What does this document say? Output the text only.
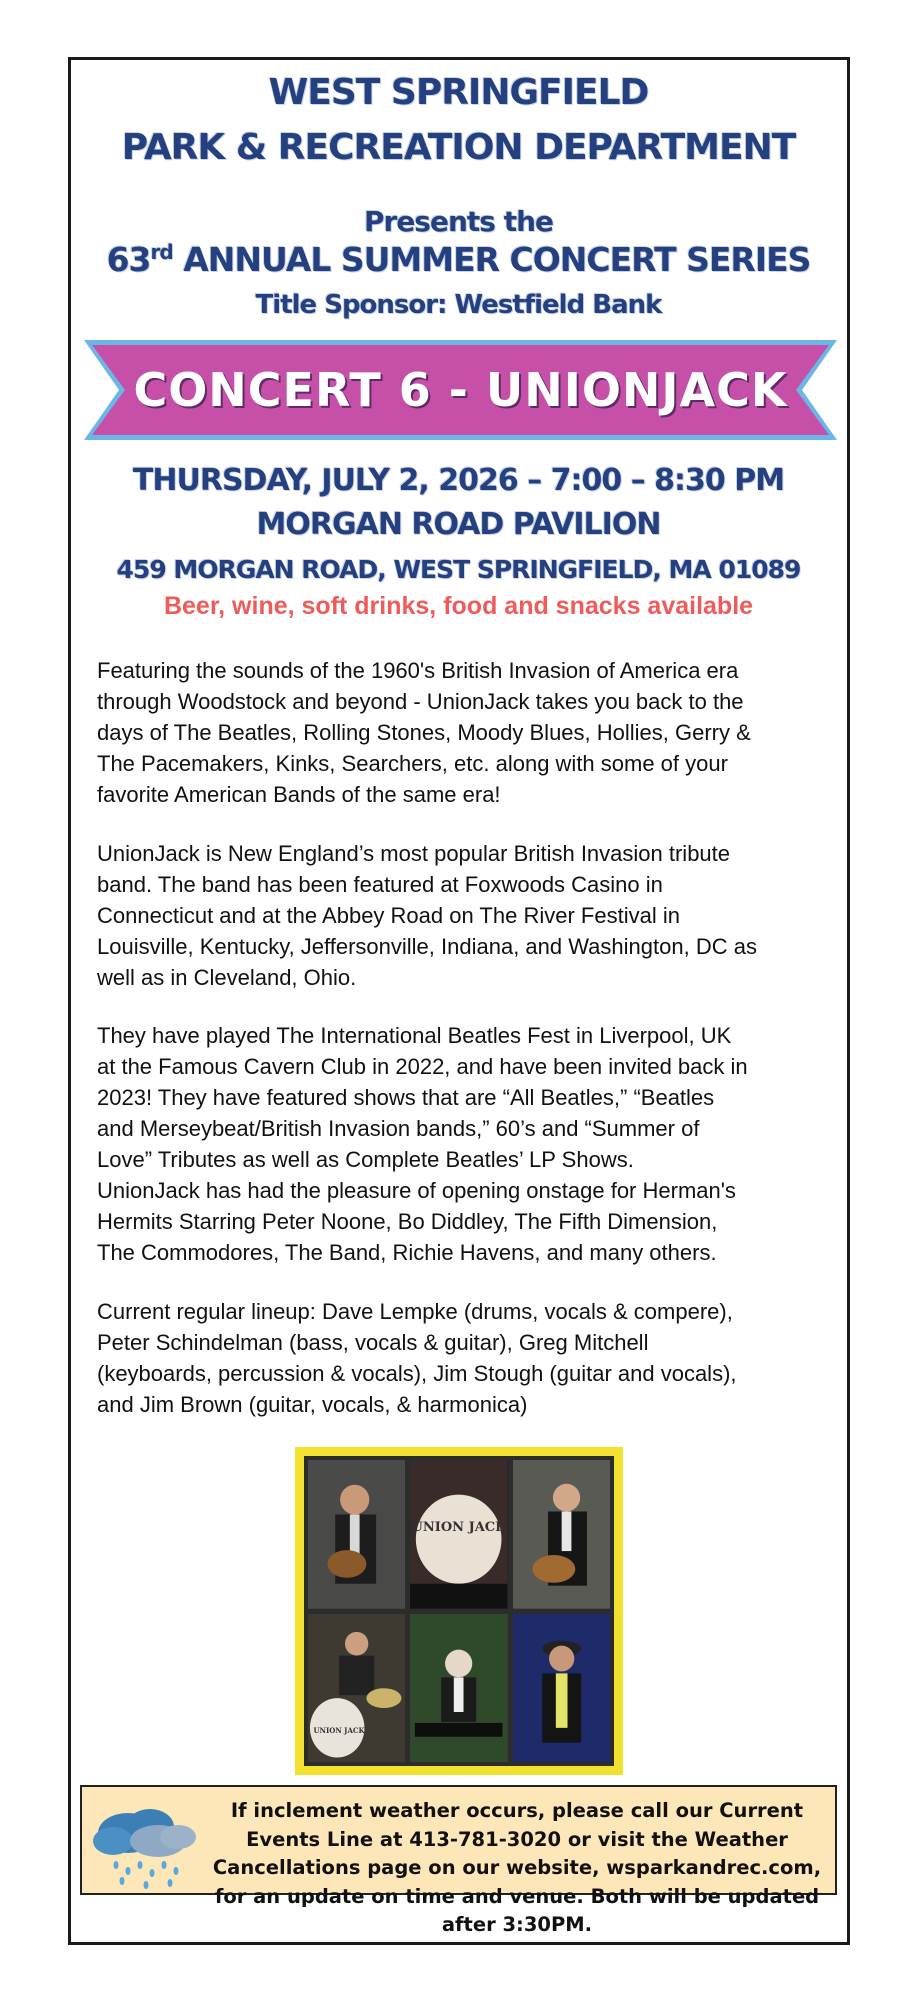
WEST SPRINGFIELD
PARK & RECREATION DEPARTMENT
Presents the
63rd ANNUAL SUMMER CONCERT SERIES
Title Sponsor: Westfield Bank
CONCERT 6 - UNIONJACK
THURSDAY, JULY 2, 2026 – 7:00 – 8:30 PM
MORGAN ROAD PAVILION
459 MORGAN ROAD, WEST SPRINGFIELD, MA 01089
Beer, wine, soft drinks, food and snacks available
Featuring the sounds of the 1960's British Invasion of America era
through Woodstock and beyond - UnionJack takes you back to the
days of The Beatles, Rolling Stones, Moody Blues, Hollies, Gerry &
The Pacemakers, Kinks, Searchers, etc. along with some of your
favorite American Bands of the same era!
UnionJack is New England’s most popular British Invasion tribute
band. The band has been featured at Foxwoods Casino in
Connecticut and at the Abbey Road on The River Festival in
Louisville, Kentucky, Jeffersonville, Indiana, and Washington, DC as
well as in Cleveland, Ohio.
They have played The International Beatles Fest in Liverpool, UK
at the Famous Cavern Club in 2022, and have been invited back in
2023! They have featured shows that are “All Beatles,” “Beatles
and Merseybeat/British Invasion bands,” 60’s and “Summer of
Love” Tributes as well as Complete Beatles’ LP Shows.
UnionJack has had the pleasure of opening onstage for Herman's
Hermits Starring Peter Noone, Bo Diddley, The Fifth Dimension,
The Commodores, The Band, Richie Havens, and many others.
Current regular lineup: Dave Lempke (drums, vocals & compere),
Peter Schindelman (bass, vocals & guitar), Greg Mitchell
(keyboards, percussion & vocals), Jim Stough (guitar and vocals),
and Jim Brown (guitar, vocals, & harmonica)
UNION JACK
UNION JACK
If inclement weather occurs, please call our Current Events Line at 413-781-3020 or visit the Weather Cancellations page on our website, wsparkandrec.com, for an update on time and venue. Both will be updated after 3:30PM.
